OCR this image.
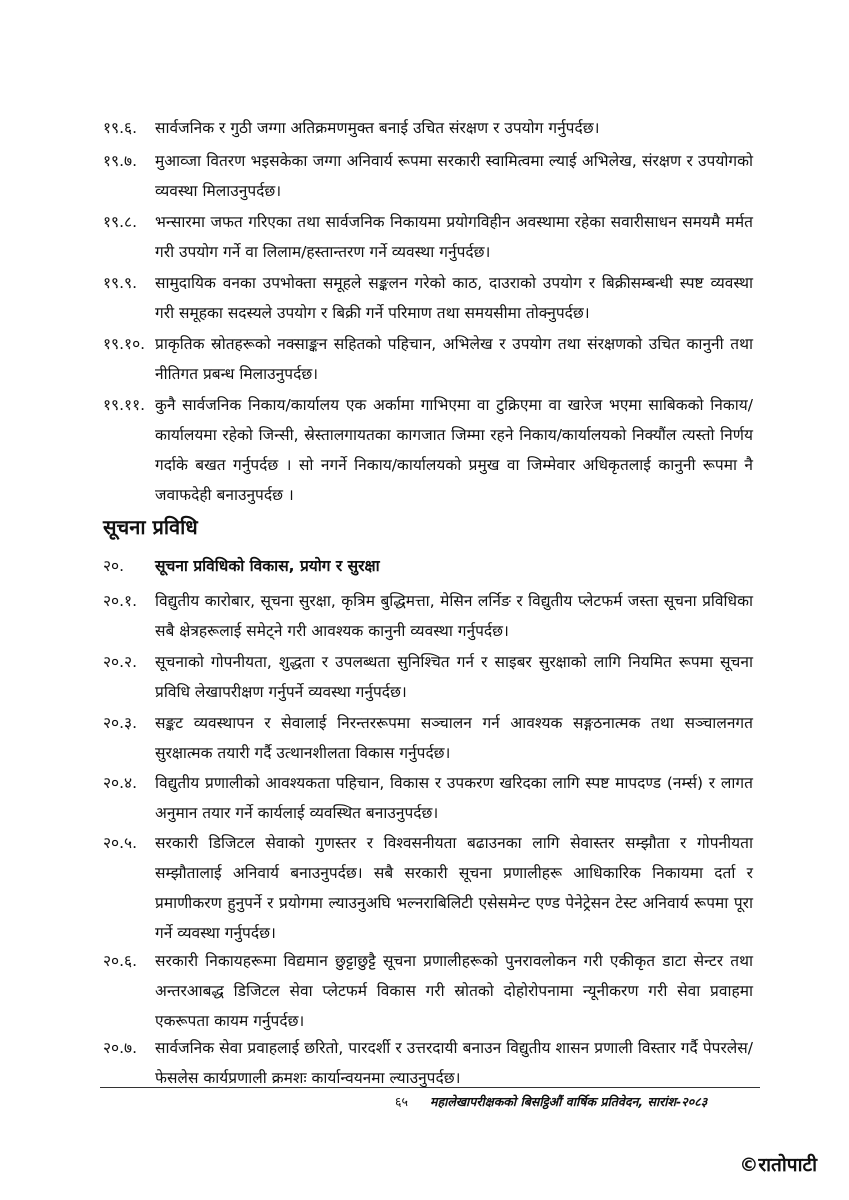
१९.६.	सार्वजनिक र गुठी जग्गा अतिक्रमणमुक्त बनाई उचित संरक्षण र उपयोग गर्नुपर्दछ।
१९.७.	मुआव्जा वितरण भइसकेका जग्गा अनिवार्य रूपमा सरकारी स्वामित्वमा ल्याई अभिलेख, संरक्षण र उपयोगको व्यवस्था मिलाउनुपर्दछ।
१९.८.	भन्सारमा जफत गरिएका तथा सार्वजनिक निकायमा प्रयोगविहीन अवस्थामा रहेका सवारीसाधन समयमै मर्मत गरी उपयोग गर्ने वा लिलाम/हस्तान्तरण गर्ने व्यवस्था गर्नुपर्दछ।
१९.९.	सामुदायिक वनका उपभोक्ता समूहले सङ्कलन गरेको काठ, दाउराको उपयोग र बिक्रीसम्बन्धी स्पष्ट व्यवस्था गरी समूहका सदस्यले उपयोग र बिक्री गर्ने परिमाण तथा समयसीमा तोक्नुपर्दछ।
१९.१०. प्राकृतिक स्रोतहरूको नक्साङ्कन सहितको पहिचान, अभिलेख र उपयोग तथा संरक्षणको उचित कानुनी तथा नीतिगत प्रबन्ध मिलाउनुपर्दछ।
१९.११. कुनै सार्वजनिक निकाय/कार्यालय एक अर्कामा गाभिएमा वा टुक्रिएमा वा खारेज भएमा साबिकको निकाय/कार्यालयमा रहेको जिन्सी, स्रेस्तालगायतका कागजात जिम्मा रहने निकाय/कार्यालयको निक्यौंल त्यस्तो निर्णय गर्दाके बखत गर्नुपर्दछ । सो नगर्ने निकाय/कार्यालयको प्रमुख वा जिम्मेवार अधिकृतलाई कानुनी रूपमा नै जवाफदेही बनाउनुपर्दछ ।
सूचना प्रविधि
२०.	सूचना प्रविधिको विकास, प्रयोग र सुरक्षा
२०.१.	विद्युतीय कारोबार, सूचना सुरक्षा, कृत्रिम बुद्धिमत्ता, मेसिन लर्निङ र विद्युतीय प्लेटफर्म जस्ता सूचना प्रविधिका सबै क्षेत्रहरूलाई समेट्ने गरी आवश्यक कानुनी व्यवस्था गर्नुपर्दछ।
२०.२.	सूचनाको गोपनीयता, शुद्धता र उपलब्धता सुनिश्चित गर्न र साइबर सुरक्षाको लागि नियमित रूपमा सूचना प्रविधि लेखापरीक्षण गर्नुपर्ने व्यवस्था गर्नुपर्दछ।
२०.३.	सङ्कट व्यवस्थापन र सेवालाई निरन्तररूपमा सञ्चालन गर्न आवश्यक सङ्गठनात्मक तथा सञ्चालनगत सुरक्षात्मक तयारी गर्दै उत्थानशीलता विकास गर्नुपर्दछ।
२०.४.	विद्युतीय प्रणालीको आवश्यकता पहिचान, विकास र उपकरण खरिदका लागि स्पष्ट मापदण्ड (नर्म्स) र लागत अनुमान तयार गर्ने कार्यलाई व्यवस्थित बनाउनुपर्दछ।
२०.५.	सरकारी डिजिटल सेवाको गुणस्तर र विश्वसनीयता बढाउनका लागि सेवास्तर सम्झौता र गोपनीयता सम्झौतालाई अनिवार्य बनाउनुपर्दछ। सबै सरकारी सूचना प्रणालीहरू आधिकारिक निकायमा दर्ता र प्रमाणीकरण हुनुपर्ने र प्रयोगमा ल्याउनुअघि भल्नराबिलिटी एसेसमेन्ट एण्ड पेनेट्रेसन टेस्ट अनिवार्य रूपमा पूरा गर्ने व्यवस्था गर्नुपर्दछ।
२०.६.	सरकारी निकायहरूमा विद्यमान छुट्टाछुट्टै सूचना प्रणालीहरूको पुनरावलोकन गरी एकीकृत डाटा सेन्टर तथा अन्तरआबद्ध डिजिटल सेवा प्लेटफर्म विकास गरी स्रोतको दोहोरोपनामा न्यूनीकरण गरी सेवा प्रवाहमा एकरूपता कायम गर्नुपर्दछ।
२०.७.	सार्वजनिक सेवा प्रवाहलाई छरितो, पारदर्शी र उत्तरदायी बनाउन विद्युतीय शासन प्रणाली विस्तार गर्दै पेपरलेस/फेसलेस कार्यप्रणाली क्रमशः कार्यान्वयनमा ल्याउनुपर्दछ।
६५ महालेखापरीक्षकको बिसट्ठिऔं वार्षिक प्रतिवेदन, सारांश-२०८३
©रातोपाटी
